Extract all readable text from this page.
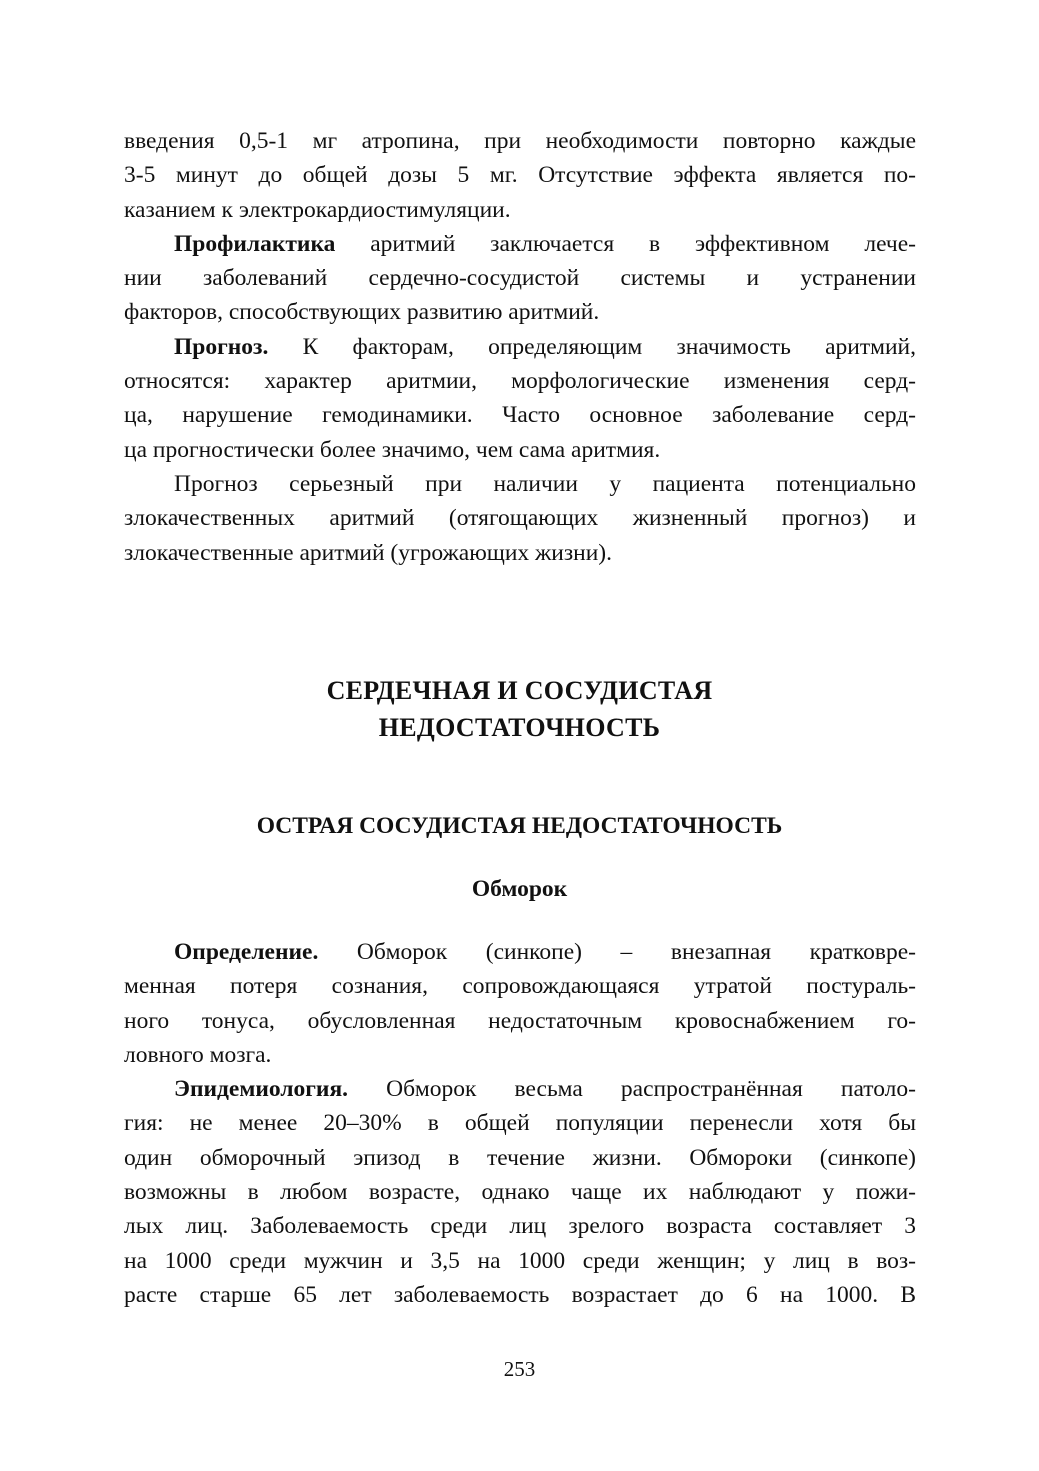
введения 0,5-1 мг атропина, при необходимости повторно каждые
3-5 минут до общей дозы 5 мг. Отсутствие эффекта является по-
казанием к электрокардиостимуляции.
Профилактика аритмий заключается в эффективном лече-
нии заболеваний сердечно-сосудистой системы и устранении
факторов, способствующих развитию аритмий.
Прогноз. К факторам, определяющим значимость аритмий,
относятся: характер аритмии, морфологические изменения серд-
ца, нарушение гемодинамики. Часто основное заболевание серд-
ца прогностически более значимо, чем сама аритмия.
Прогноз серьезный при наличии у пациента потенциально
злокачественных аритмий (отягощающих жизненный прогноз) и
злокачественные аритмий (угрожающих жизни).
СЕРДЕЧНАЯ И СОСУДИСТАЯ
НЕДОСТАТОЧНОСТЬ
ОСТРАЯ СОСУДИСТАЯ НЕДОСТАТОЧНОСТЬ
Обморок
Определение. Обморок (синкопе) – внезапная кратковре-
менная потеря сознания, сопровождающаяся утратой постураль-
ного тонуса, обусловленная недостаточным кровоснабжением го-
ловного мозга.
Эпидемиология. Обморок весьма распространённая патоло-
гия: не менее 20–30% в общей популяции перенесли хотя бы
один обморочный эпизод в течение жизни. Обмороки (синкопе)
возможны в любом возрасте, однако чаще их наблюдают у пожи-
лых лиц. Заболеваемость среди лиц зрелого возраста составляет 3
на 1000 среди мужчин и 3,5 на 1000 среди женщин; у лиц в воз-
расте старше 65 лет заболеваемость возрастает до 6 на 1000. В
253
